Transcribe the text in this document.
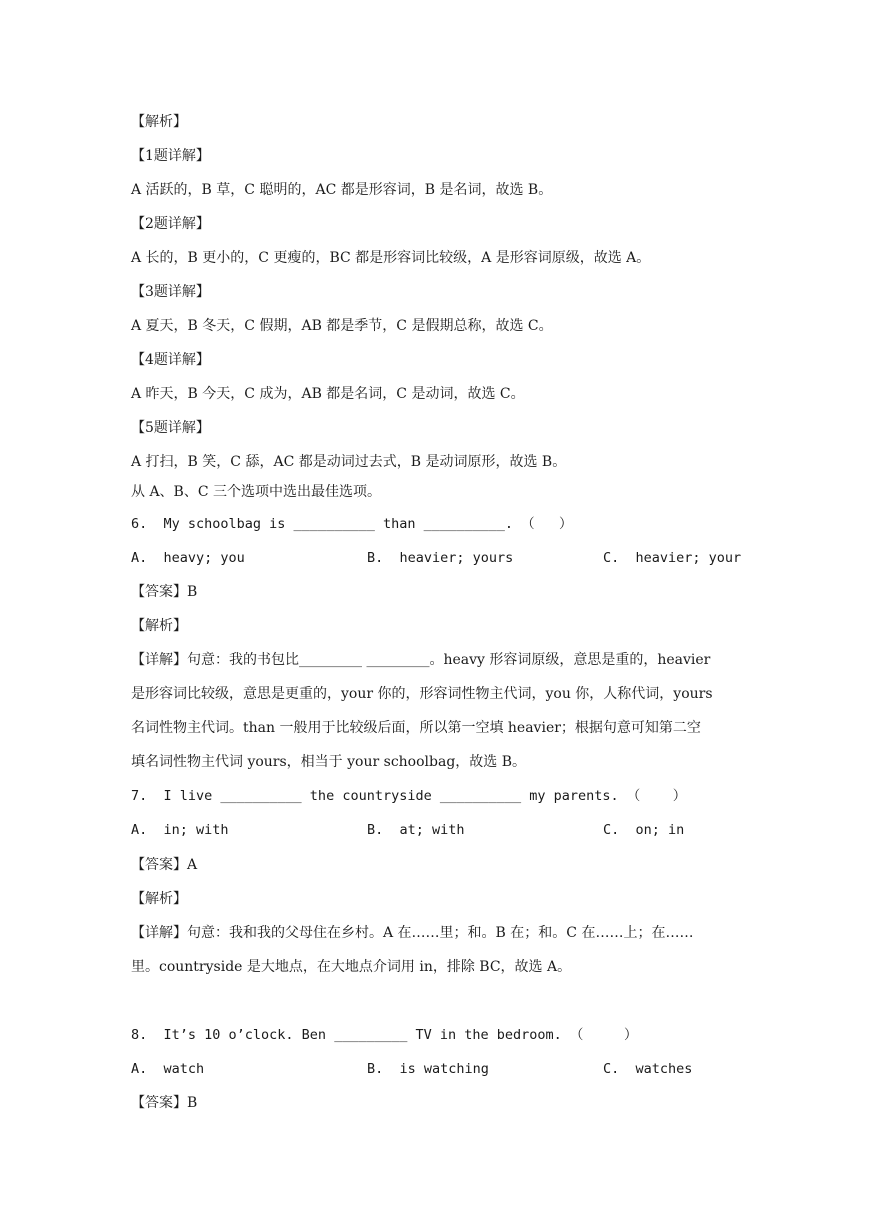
【解析】
【1题详解】
A 活跃的，B 草，C 聪明的，AC 都是形容词，B 是名词，故选 B。
【2题详解】
A 长的，B 更小的，C 更瘦的，BC 都是形容词比较级，A 是形容词原级，故选 A。
【3题详解】
A 夏天，B 冬天，C 假期，AB 都是季节，C 是假期总称，故选 C。
【4题详解】
A 昨天，B 今天，C 成为，AB 都是名词，C 是动词，故选 C。
【5题详解】
A 打扫，B 笑，C 舔，AC 都是动词过去式，B 是动词原形，故选 B。
从 A、B、C 三个选项中选出最佳选项。
6.  My schoolbag is __________ than __________. （   ）
A.  heavy; you	B.  heavier; yours	C.  heavier; your
【答案】B
【解析】
【详解】句意：我的书包比_________ _________。heavy 形容词原级，意思是重的，heavier
是形容词比较级，意思是更重的，your 你的，形容词性物主代词，you 你，人称代词，yours
名词性物主代词。than 一般用于比较级后面，所以第一空填 heavier；根据句意可知第二空
填名词性物主代词 yours，相当于 your schoolbag，故选 B。
7.  I live __________ the countryside __________ my parents. （    ）
A.  in; with	B.  at; with	C.  on; in
【答案】A
【解析】
【详解】句意：我和我的父母住在乡村。A 在……里；和。B 在；和。C 在……上；在……
里。countryside 是大地点，在大地点介词用 in，排除 BC，故选 A。
8.  It’s 10 o’clock. Ben _________ TV in the bedroom. （     ）
A.  watch	B.  is watching	C.  watches
【答案】B
